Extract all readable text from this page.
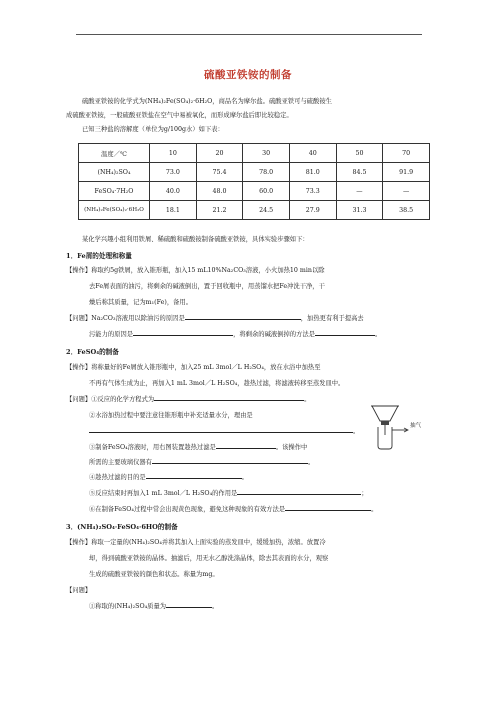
硫酸亚铁铵的制备
硫酸亚铁铵的化学式为(NH₄)₂Fe(SO₄)₂·6H₂O，商品名为摩尔盐。硫酸亚铁可与硫酸铵生
成硫酸亚铁铵，一般硫酸亚铁盐在空气中易被氧化，而形成摩尔盐后即比较稳定。
已知三种盐的溶解度（单位为g/100g水）如下表：
温度／℃	10	20	30	40	50	70
(NH₄)₂SO₄	73.0	75.4	78.0	81.0	84.5	91.9
FeSO₄·7H₂O	40.0	48.0	60.0	73.3	—	—
(NH₄)₂Fe(SO₄)₂·6H₂O	18.1	21.2	24.5	27.9	31.3	38.5
某化学兴趣小组利用铁屑、稀硫酸和硫酸铵制备硫酸亚铁铵，具体实验步骤如下：
1．Fe屑的处理和称量
【操作】称取约5g铁屑，放入锥形瓶，加入15 mL10%Na₂CO₃溶液，小火加热10 min以除
去Fe屑表面的油污，将剩余的碱液倒出，置于回收瓶中，用蒸馏水把Fe冲洗干净，干
燥后称其质量，记为m₁(Fe)，备用。
【问题】Na₂CO₃溶液用以除油污的原因是	，加热更有利于提高去
污能力的原因是	，将剩余的碱液倒掉的方法是	。
2．FeSO₄的制备
【操作】将称量好的Fe屑放入锥形瓶中，加入25 mL 3mol／L H₂SO₄，放在水浴中加热至
不再有气体生成为止，再加入1 mL 3mol／L H₂SO₄，趁热过滤，将滤液转移至蒸发皿中。
【问题】①反应的化学方程式为	。
②水浴加热过程中要注意往锥形瓶中补充适量水分，理由是
。
③制备FeSO₄溶液时，用右图装置趁热过滤是	。该操作中
所需的主要玻璃仪器有	。
④趁热过滤的目的是	。
⑤反应结束时再加入1 mL 3mol／L H₂SO₄的作用是	；
⑥在制备FeSO₄过程中常会出现黄色现象，避免这种现象的有效方法是	。
抽气
3．(NH₄)₂SO₄·FeSO₄·6HO的制备
【操作】称取一定量的(NH₄)₂SO₄并将其加入上面实验的蒸发皿中，缓缓加热，浓缩。放置冷
却，得到硫酸亚铁铵的晶体。抽滤后，用无水乙醇洗涤晶体，除去其表面的水分，观察
生成的硫酸亚铁铵的颜色和状态。称量为mg。
【问题】
①称取的(NH₄)₂SO₄质量为	。
